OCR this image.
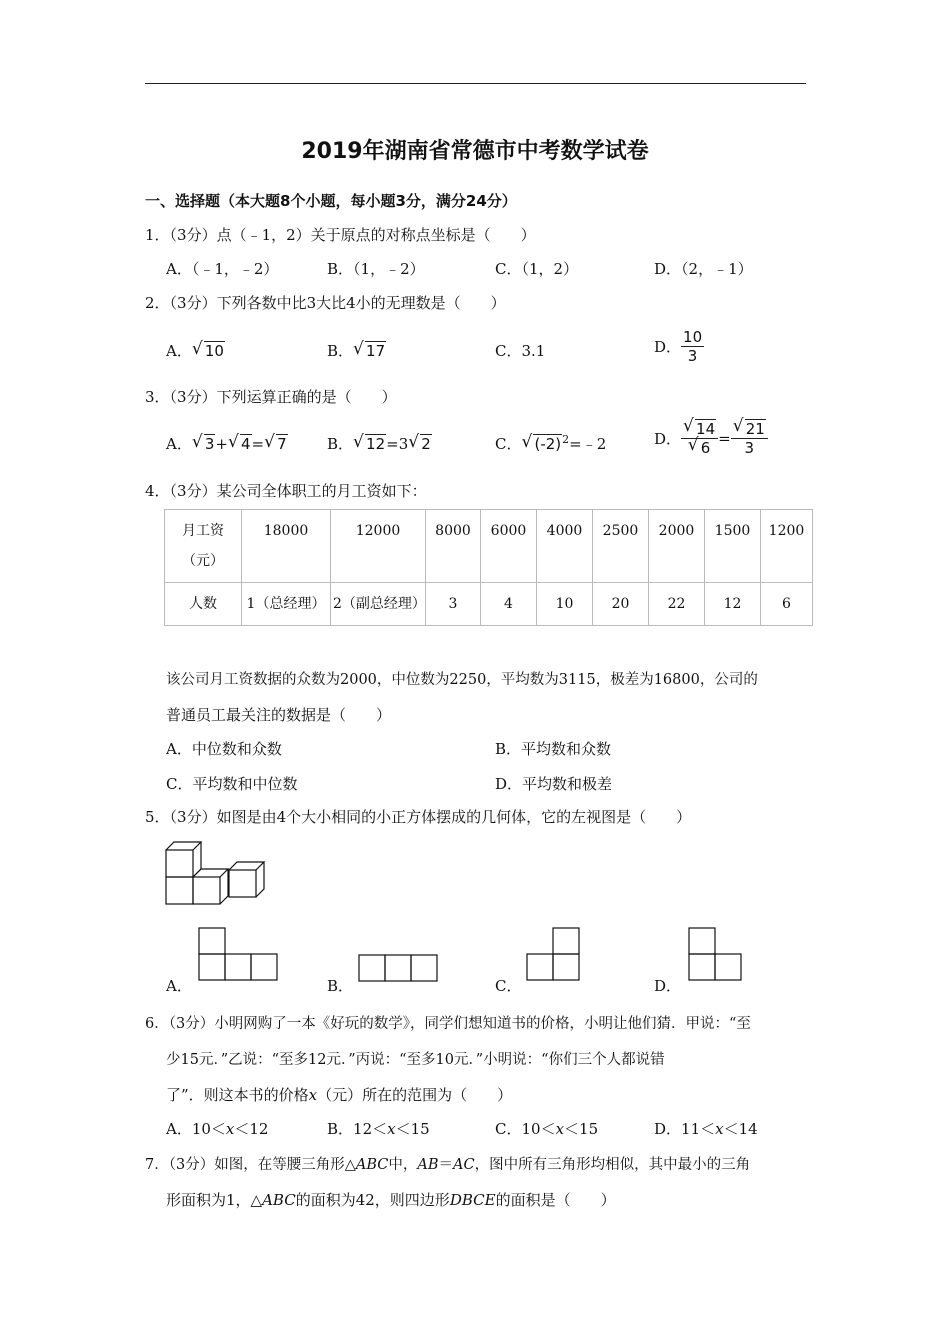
2019年湖南省常德市中考数学试卷
一、选择题（本大题8个小题，每小题3分，满分24分）
1．（3分）点（﹣1，2）关于原点的对称点坐标是（　　）
A．（﹣1，﹣2）	B．（1，﹣2）	C．（1，2）	D．（2，﹣1）
2．（3分）下列各数中比3大比4小的无理数是（　　）
A． √ 10	B． √ 17	C．3.1	D． $\frac{10}{3}$
3．（3分）下列运算正确的是（　　）
A． √ 3+ √ 4= √ 7	B． √ 12=3 √ 2	C． √ $(-2)^2=﹣2$	D． $\frac{√ 14}{√ 6} = \frac{√ 21}{3}$
4．（3分）某公司全体职工的月工资如下：
月工资（元）	18000	12000	8000	6000	4000	2500	2000	1500	1200
人数	1（总经理）	2（副总经理）	3	4	10	20	22	12	6
该公司月工资数据的众数为2000，中位数为2250，平均数为3115，极差为16800，公司的
普通员工最关注的数据是（　　）
A．中位数和众数	B．平均数和众数
C．平均数和中位数	D．平均数和极差
5．（3分）如图是由4个大小相同的小正方体摆成的几何体，它的左视图是（　　）
A．	B．	C．	D．
6．（3分）小明网购了一本《好玩的数学》，同学们想知道书的价格，小明让他们猜．甲说：“至
少15元．”乙说：“至多12元．”丙说：“至多10元．”小明说：“你们三个人都说错
了”．则这本书的价格x（元）所在的范围为（　　）
A．10＜x＜12	B．12＜x＜15	C．10＜x＜15	D．11＜x＜14
7．（3分）如图，在等腰三角形△ABC中，AB＝AC，图中所有三角形均相似，其中最小的三角
形面积为1，△ABC的面积为42，则四边形DBCE的面积是（　　）
